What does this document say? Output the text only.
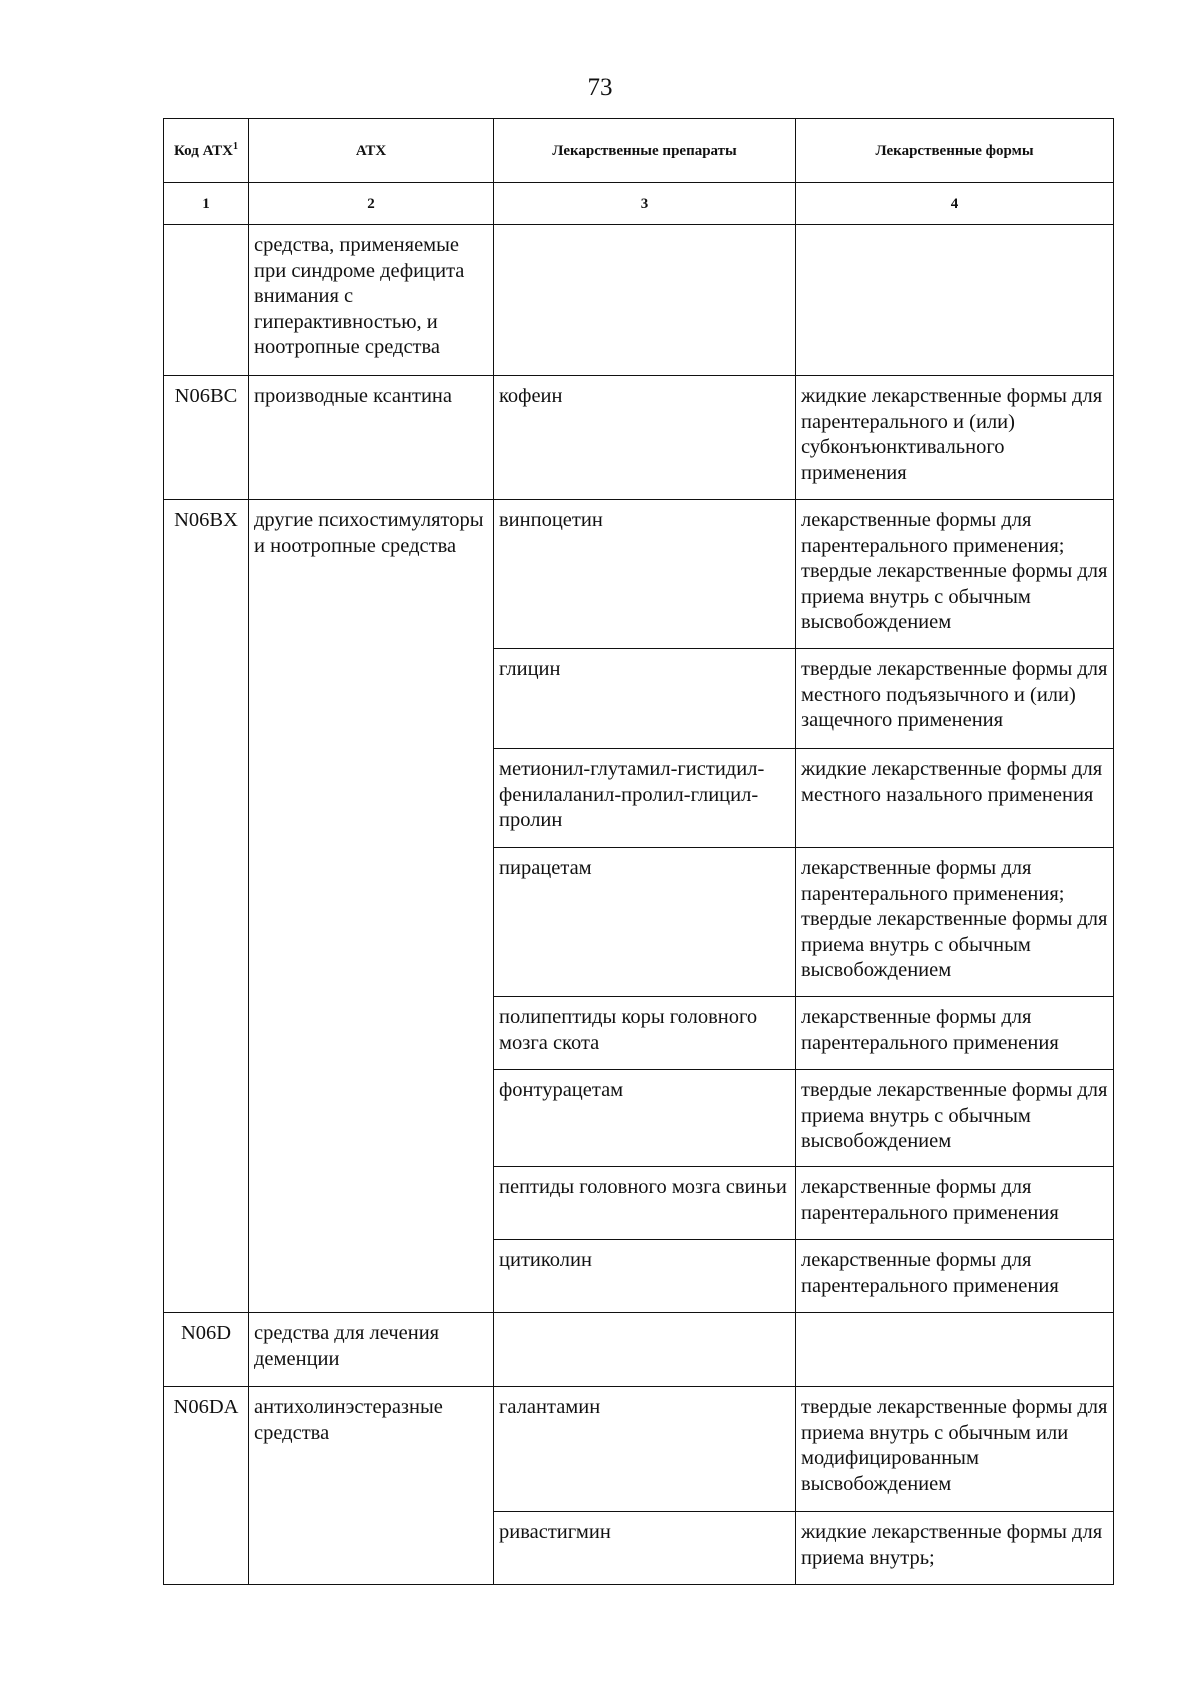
73
Код АТХ$^1$	АТХ	Лекарственные препараты	Лекарственные формы
1	2	3	4
	средства, применяемые при синдроме дефицита внимания с гиперактивностью, и ноотропные средства		
N06BC	производные ксантина	кофеин	жидкие лекарственные формы для парентерального и (или) субконъюнктивального применения
N06BX	другие психостимуляторы и ноотропные средства	винпоцетин	лекарственные формы для парентерального применения; твердые лекарственные формы для приема внутрь с обычным высвобождением
		глицин	твердые лекарственные формы для местного подъязычного и (или) защечного применения
		метионил-глутамил-гистидил-фенилаланил-пролил-глицил-пролин	жидкие лекарственные формы для местного назального применения
		пирацетам	лекарственные формы для парентерального применения; твердые лекарственные формы для приема внутрь с обычным высвобождением
		полипептиды коры головного мозга скота	лекарственные формы для парентерального применения
		фонтурацетам	твердые лекарственные формы для приема внутрь с обычным высвобождением
		пептиды головного мозга свиньи	лекарственные формы для парентерального применения
		цитиколин	лекарственные формы для парентерального применения
N06D	средства для лечения деменции		
N06DA	антихолинэстеразные средства	галантамин	твердые лекарственные формы для приема внутрь с обычным или модифицированным высвобождением
		ривастигмин	жидкие лекарственные формы для приема внутрь;
